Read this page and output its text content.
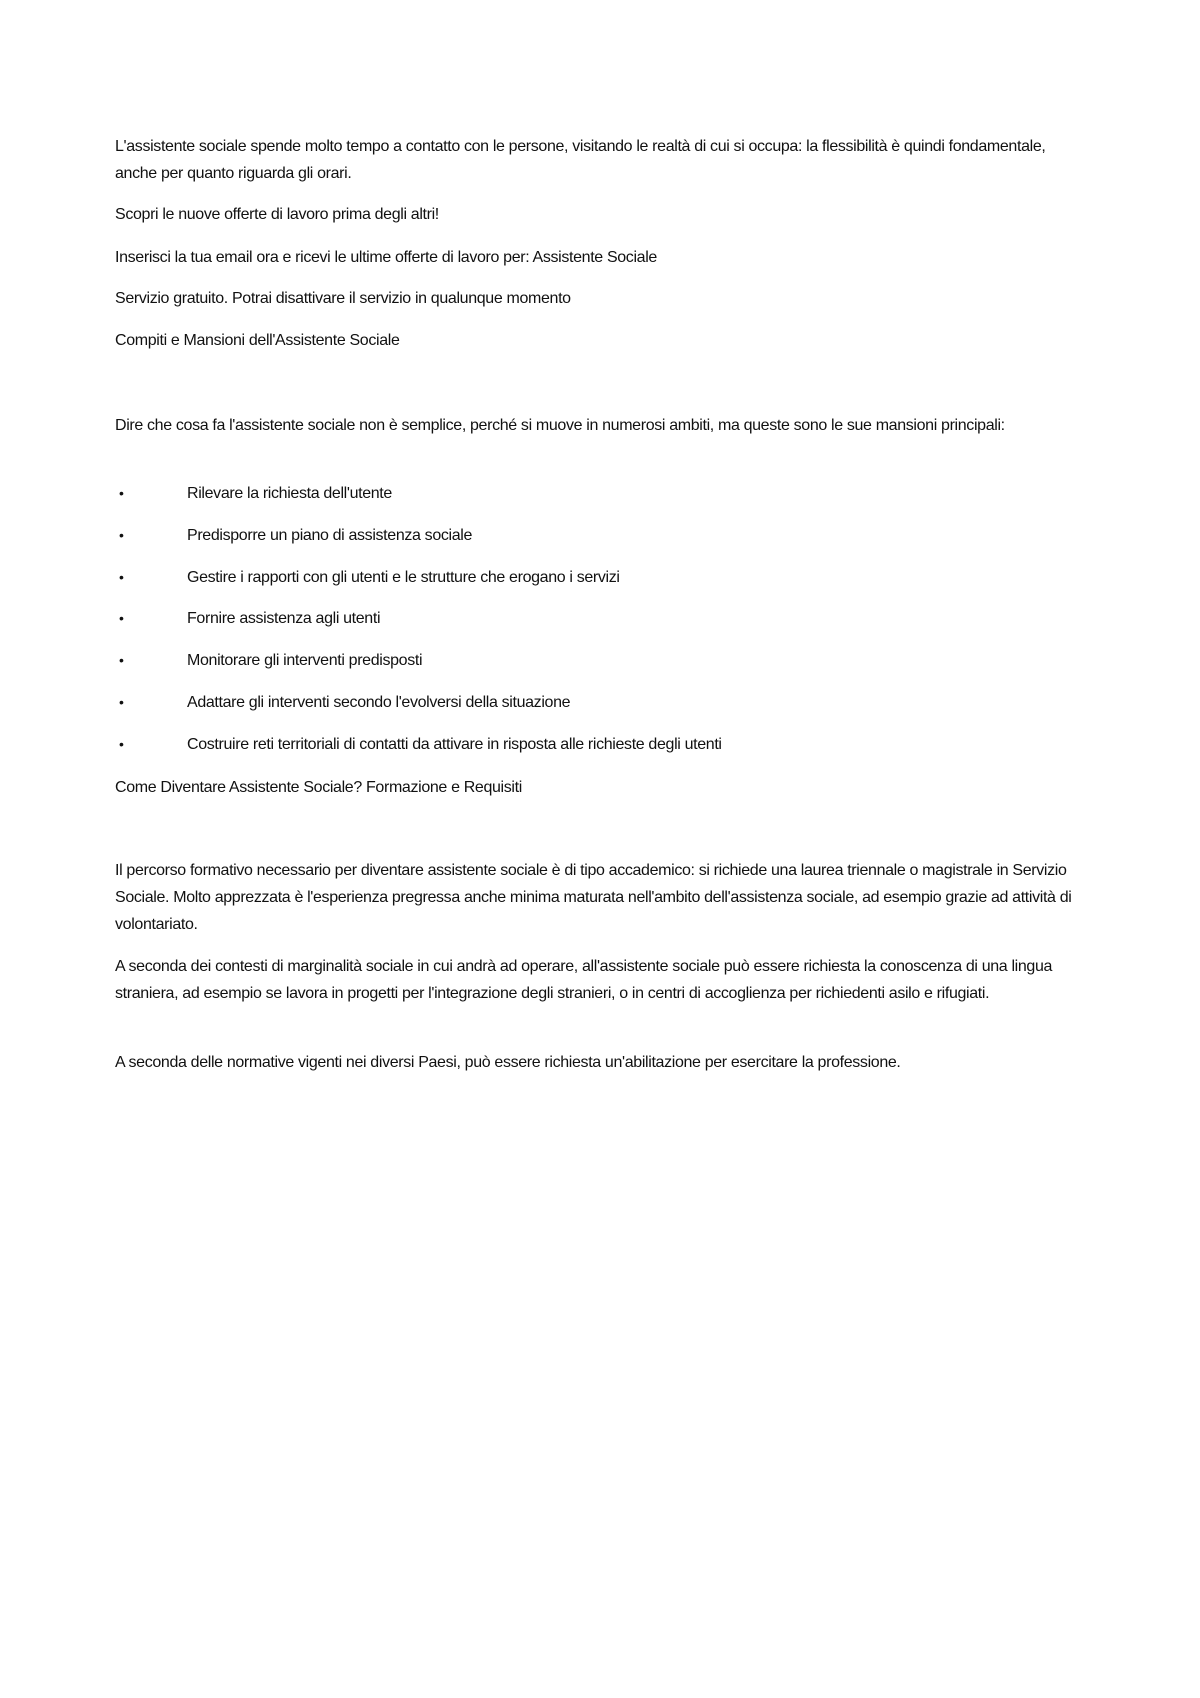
L'assistente sociale spende molto tempo a contatto con le persone, visitando le realtà di cui si occupa: la flessibilità è quindi fondamentale, anche per quanto riguarda gli orari.

Scopri le nuove offerte di lavoro prima degli altri!

Inserisci la tua email ora e ricevi le ultime offerte di lavoro per: Assistente Sociale

Servizio gratuito. Potrai disattivare il servizio in qualunque momento

Compiti e Mansioni dell'Assistente Sociale

Dire che cosa fa l'assistente sociale non è semplice, perché si muove in numerosi ambiti, ma queste sono le sue mansioni principali:

•	Rilevare la richiesta dell'utente
•	Predisporre un piano di assistenza sociale
•	Gestire i rapporti con gli utenti e le strutture che erogano i servizi
•	Fornire assistenza agli utenti
•	Monitorare gli interventi predisposti
•	Adattare gli interventi secondo l'evolversi della situazione
•	Costruire reti territoriali di contatti da attivare in risposta alle richieste degli utenti

Come Diventare Assistente Sociale? Formazione e Requisiti

Il percorso formativo necessario per diventare assistente sociale è di tipo accademico: si richiede una laurea triennale o magistrale in Servizio Sociale. Molto apprezzata è l'esperienza pregressa anche minima maturata nell'ambito dell'assistenza sociale, ad esempio grazie ad attività di volontariato.

A seconda dei contesti di marginalità sociale in cui andrà ad operare, all'assistente sociale può essere richiesta la conoscenza di una lingua straniera, ad esempio se lavora in progetti per l'integrazione degli stranieri, o in centri di accoglienza per richiedenti asilo e rifugiati.

A seconda delle normative vigenti nei diversi Paesi, può essere richiesta un'abilitazione per esercitare la professione.
